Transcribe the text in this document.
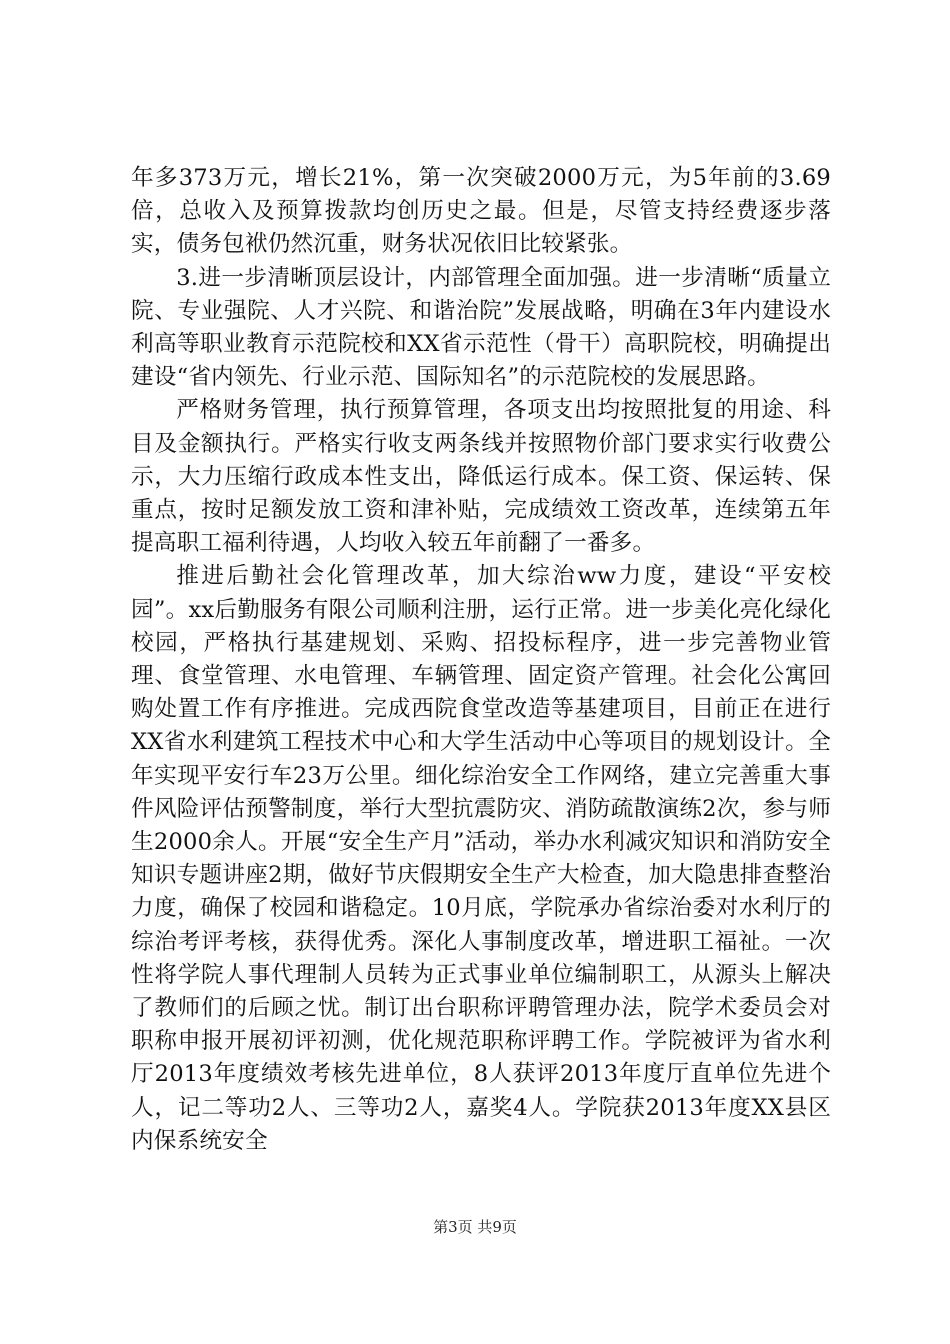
年多373万元，增长21%，第一次突破2000万元，为5年前的3.69倍，总收入及预算拨款均创历史之最。但是，尽管支持经费逐步落实，债务包袱仍然沉重，财务状况依旧比较紧张。

3.进一步清晰顶层设计，内部管理全面加强。进一步清晰“质量立院、专业强院、人才兴院、和谐治院”发展战略，明确在3年内建设水利高等职业教育示范院校和XX省示范性（骨干）高职院校，明确提出建设“省内领先、行业示范、国际知名”的示范院校的发展思路。

严格财务管理，执行预算管理，各项支出均按照批复的用途、科目及金额执行。严格实行收支两条线并按照物价部门要求实行收费公示，大力压缩行政成本性支出，降低运行成本。保工资、保运转、保重点，按时足额发放工资和津补贴，完成绩效工资改革，连续第五年提高职工福利待遇，人均收入较五年前翻了一番多。

推进后勤社会化管理改革，加大综治ww力度，建设“平安校园”。xx后勤服务有限公司顺利注册，运行正常。进一步美化亮化绿化校园，严格执行基建规划、采购、招投标程序，进一步完善物业管理、食堂管理、水电管理、车辆管理、固定资产管理。社会化公寓回购处置工作有序推进。完成西院食堂改造等基建项目，目前正在进行XX省水利建筑工程技术中心和大学生活动中心等项目的规划设计。全年实现平安行车23万公里。细化综治安全工作网络，建立完善重大事件风险评估预警制度，举行大型抗震防灾、消防疏散演练2次，参与师生2000余人。开展“安全生产月”活动，举办水利减灾知识和消防安全知识专题讲座2期，做好节庆假期安全生产大检查，加大隐患排查整治力度，确保了校园和谐稳定。10月底，学院承办省综治委对水利厅的综治考评考核，获得优秀。深化人事制度改革，增进职工福祉。一次性将学院人事代理制人员转为正式事业单位编制职工，从源头上解决了教师们的后顾之忧。制订出台职称评聘管理办法，院学术委员会对职称申报开展初评初测，优化规范职称评聘工作。学院被评为省水利厅2013年度绩效考核先进单位，8人获评2013年度厅直单位先进个人，记二等功2人、三等功2人，嘉奖4人。学院获2013年度XX县区内保系统安全

第3页 共9页
